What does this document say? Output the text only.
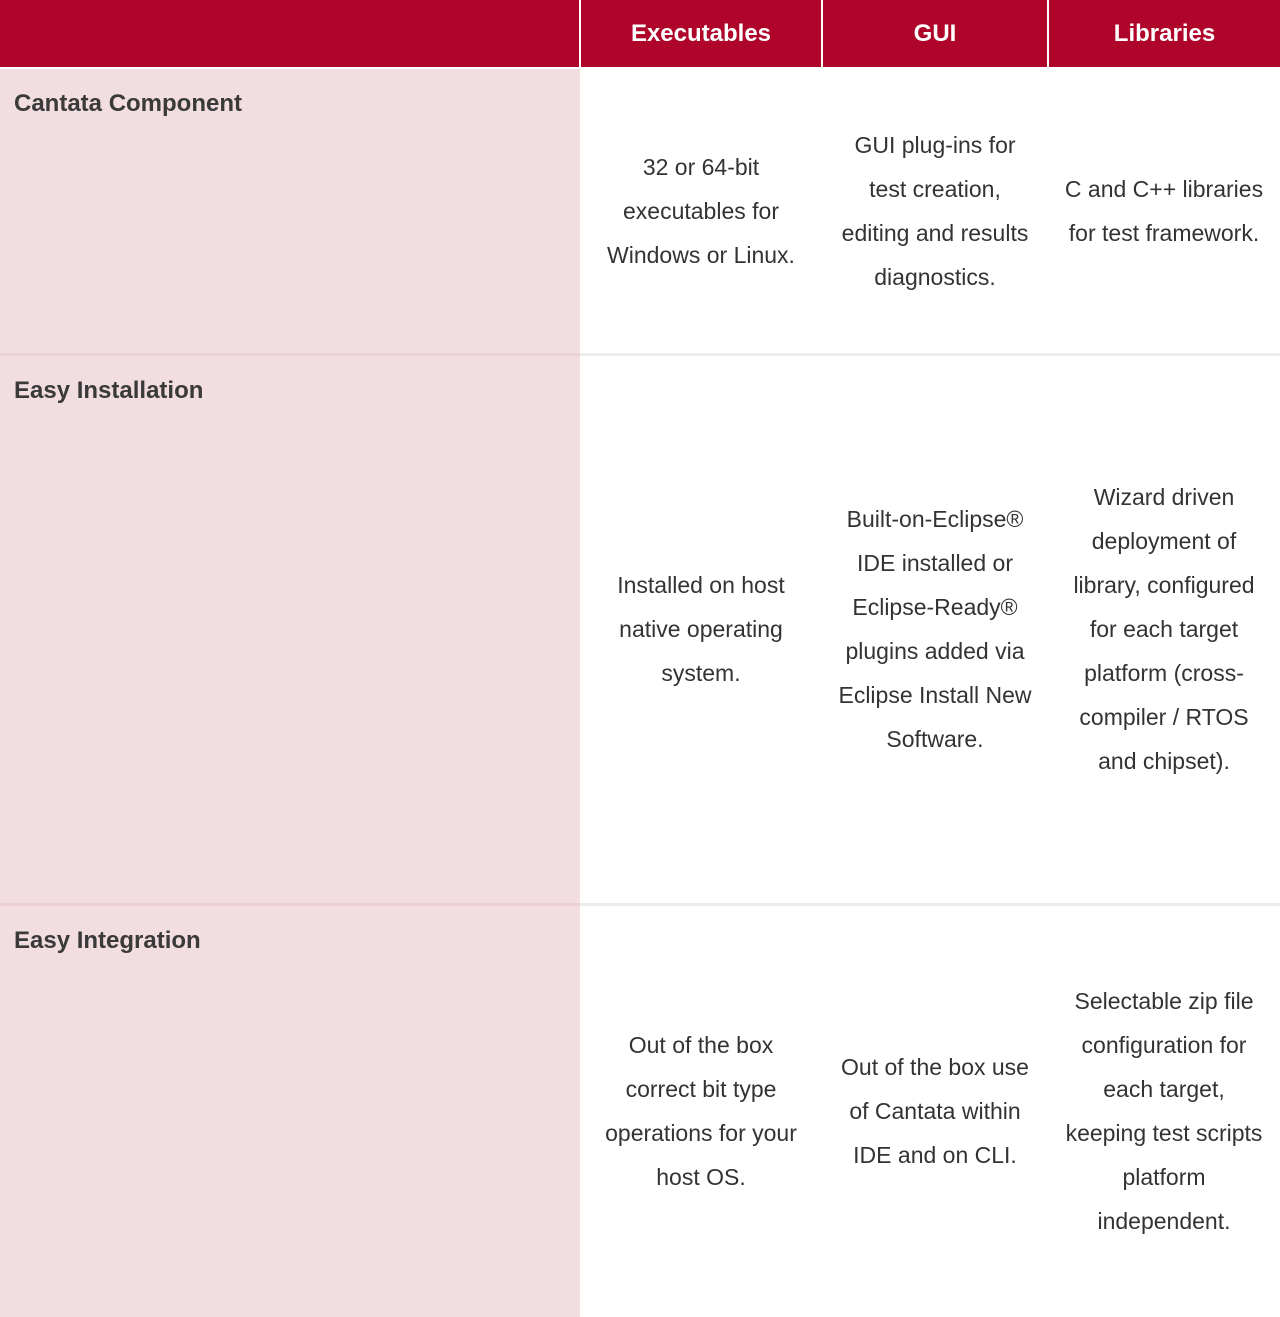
	Executables	GUI	Libraries
Cantata Component	32 or 64-bit executables for Windows or Linux.	GUI plug-ins for test creation, editing and results diagnostics.	C and C++ libraries for test framework.
Easy Installation	Installed on host native operating system.	Built-on-Eclipse® IDE installed or Eclipse-Ready® plugins added via Eclipse Install New Software.	Wizard driven deployment of library, configured for each target platform (cross-compiler / RTOS and chipset).
Easy Integration	Out of the box correct bit type operations for your host OS.	Out of the box use of Cantata within IDE and on CLI.	Selectable zip file configuration for each target, keeping test scripts platform independent.
